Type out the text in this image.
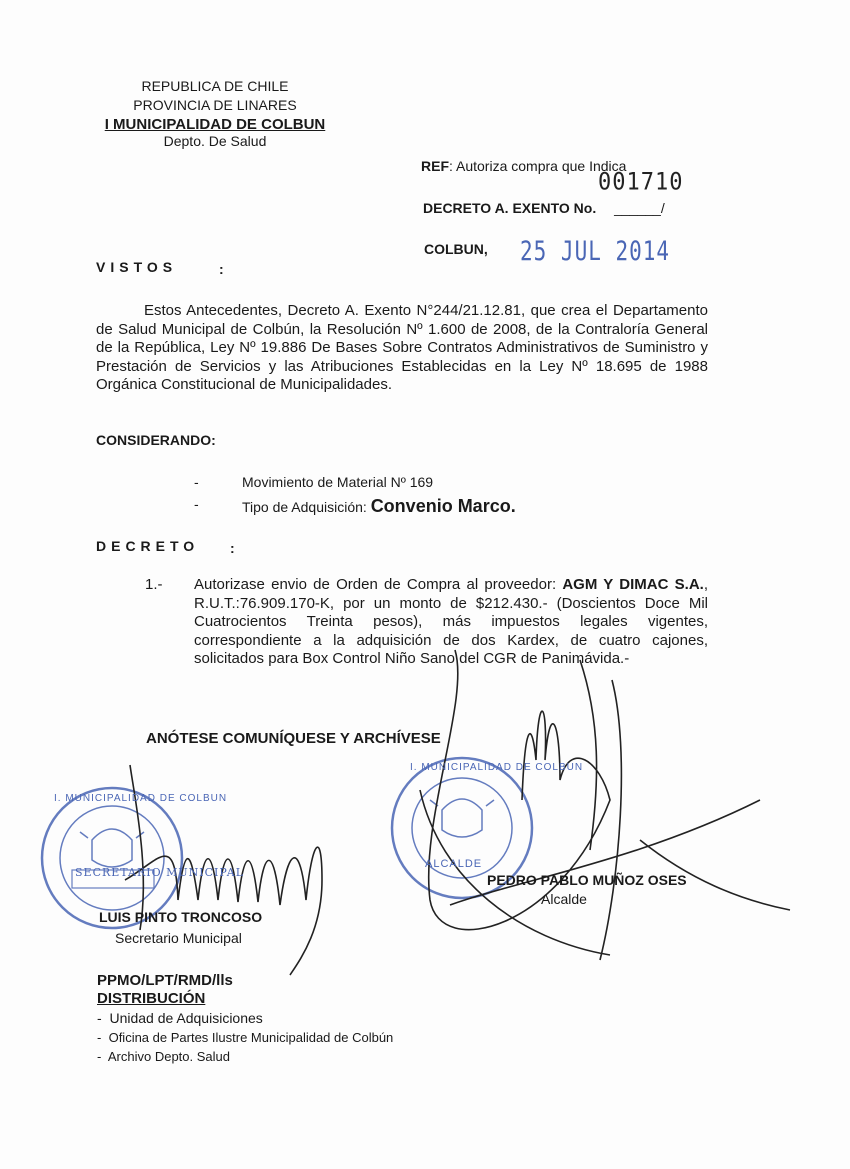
REPUBLICA DE CHILE
PROVINCIA DE LINARES
I MUNICIPALIDAD DE COLBUN
Depto. De Salud
REF: Autoriza compra que Indica
001710
DECRETO A. EXENTO No. ______/
COLBUN, 25 JUL 2014
VISTOS	:
Estos Antecedentes, Decreto A. Exento N°244/21.12.81, que crea el Departamento de Salud Municipal de Colbún, la Resolución Nº 1.600 de 2008, de la Contraloría General de la República, Ley Nº 19.886 De Bases Sobre Contratos Administrativos de Suministro y Prestación de Servicios y las Atribuciones Establecidas en la Ley Nº 18.695 de 1988 Orgánica Constitucional de Municipalidades.
CONSIDERANDO:
-	Movimiento de Material Nº 169
-	Tipo de Adquisición: Convenio Marco.
DECRETO :
1.- Autorizase envio de Orden de Compra al proveedor: AGM Y DIMAC S.A., R.U.T.:76.909.170-K, por un monto de $212.430.- (Doscientos Doce Mil Cuatrocientos Treinta pesos), más impuestos legales vigentes, correspondiente a la adquisición de dos Kardex, de cuatro cajones, solicitados para Box Control Niño Sano del CGR de Panimávida.-
ANÓTESE COMUNÍQUESE Y ARCHÍVESE
SECRETARIO MUNICIPAL
I. MUNICIPALIDAD DE COLBUN
ALCALDE
I. MUNICIPALIDAD DE COLBUN
LUIS PINTO TRONCOSO
Secretario Municipal
PEDRO PABLO MUÑOZ OSES
Alcalde
PPMO/LPT/RMD/lls
DISTRIBUCIÓN
- Unidad de Adquisiciones
- Oficina de Partes Ilustre Municipalidad de Colbún
- Archivo Depto. Salud
